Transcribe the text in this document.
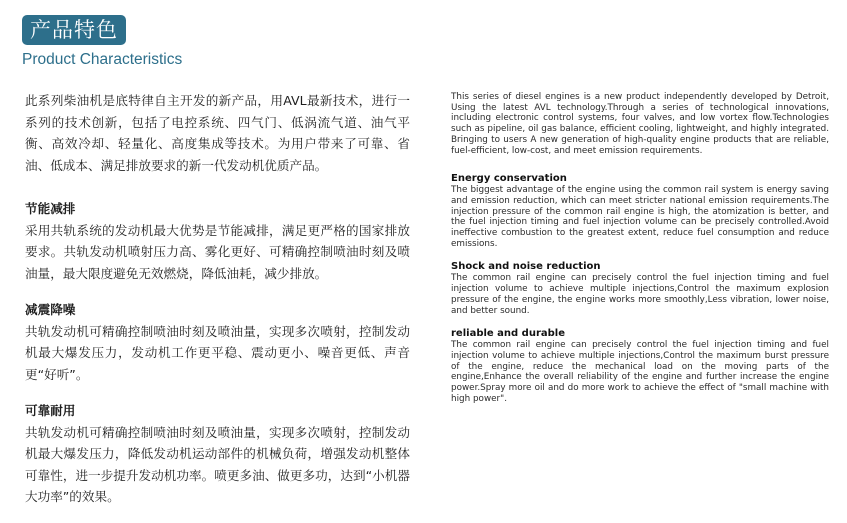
产品特色
Product Characteristics

此系列柴油机是底特律自主开发的新产品，用AVL最新技术，进行一系列的技术创新，包括了电控系统、四气门、低涡流气道、油气平衡、高效冷却、轻量化、高度集成等技术。为用户带来了可靠、省油、低成本、满足排放要求的新一代发动机优质产品。

节能减排

采用共轨系统的发动机最大优势是节能减排，满足更严格的国家排放要求。共轨发动机喷射压力高、雾化更好、可精确控制喷油时刻及喷油量，最大限度避免无效燃烧，降低油耗，减少排放。

减震降噪

共轨发动机可精确控制喷油时刻及喷油量，实现多次喷射，控制发动机最大爆发压力，发动机工作更平稳、震动更小、噪音更低、声音更“好听”。

可靠耐用

共轨发动机可精确控制喷油时刻及喷油量，实现多次喷射，控制发动机最大爆发压力，降低发动机运动部件的机械负荷，增强发动机整体可靠性，进一步提升发动机功率。喷更多油、做更多功，达到“小机器大功率”的效果。

This series of diesel engines is a new product independently developed by Detroit, Using the latest AVL technology.Through a series of technological innovations, including electronic control systems, four valves, and low vortex flow.Technologies such as pipeline, oil gas balance, efficient cooling, lightweight, and highly integrated. Bringing to users A new generation of high-quality engine products that are reliable, fuel-efficient, low-cost, and meet emission requirements.

Energy conservation

The biggest advantage of the engine using the common rail system is energy saving and emission reduction, which can meet stricter national emission requirements.The injection pressure of the common rail engine is high, the atomization is better, and the fuel injection timing and fuel injection volume can be precisely controlled.Avoid ineffective combustion to the greatest extent, reduce fuel consumption and reduce emissions.

Shock and noise reduction

The common rail engine can precisely control the fuel injection timing and fuel injection volume to achieve multiple injections,Control the maximum explosion pressure of the engine, the engine works more smoothly,Less vibration, lower noise, and better sound.

reliable and durable

The common rail engine can precisely control the fuel injection timing and fuel injection volume to achieve multiple injections,Control the maximum burst pressure of the engine, reduce the mechanical load on the moving parts of the engine,Enhance the overall reliability of the engine and further increase the engine power.Spray more oil and do more work to achieve the effect of "small machine with high power".
